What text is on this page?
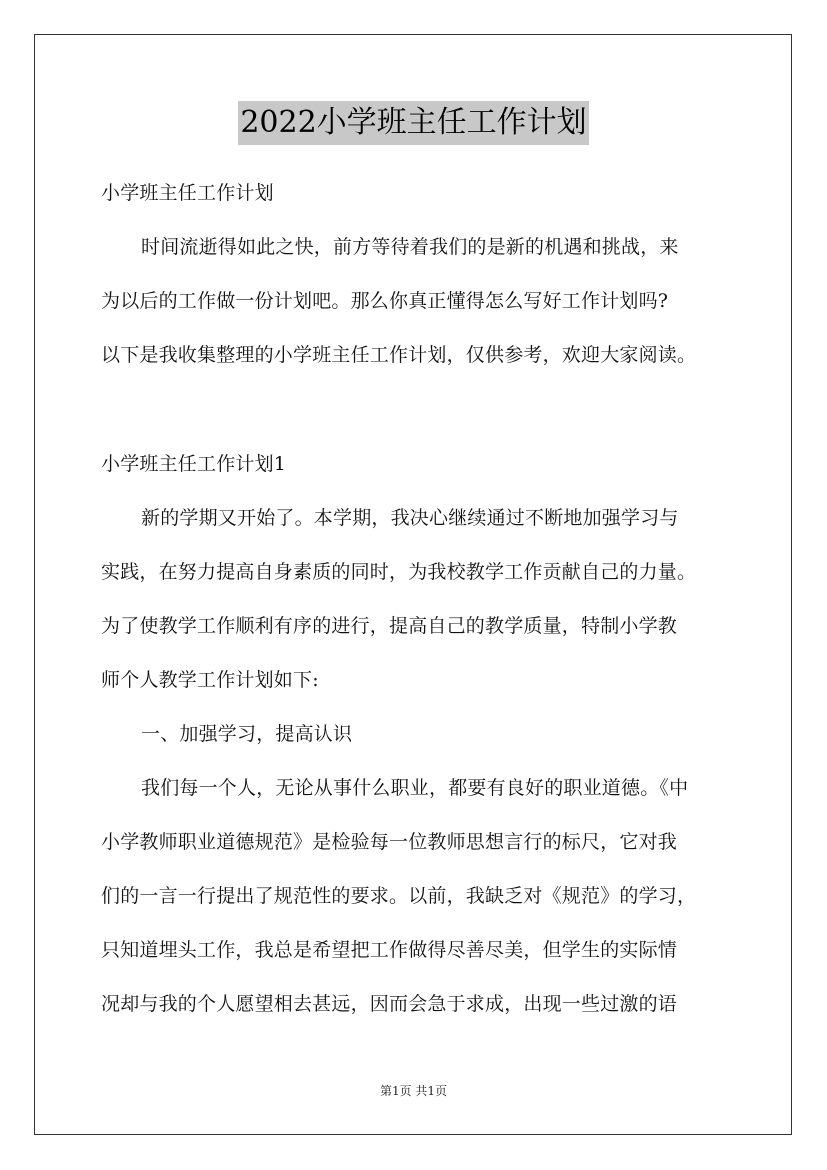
2022小学班主任工作计划
小学班主任工作计划
时间流逝得如此之快，前方等待着我们的是新的机遇和挑战，来
为以后的工作做一份计划吧。那么你真正懂得怎么写好工作计划吗?
以下是我收集整理的小学班主任工作计划，仅供参考，欢迎大家阅读。
小学班主任工作计划1
新的学期又开始了。本学期，我决心继续通过不断地加强学习与
实践，在努力提高自身素质的同时，为我校教学工作贡献自己的力量。
为了使教学工作顺利有序的进行，提高自己的教学质量，特制小学教
师个人教学工作计划如下:
一、加强学习，提高认识
我们每一个人，无论从事什么职业，都要有良好的职业道德。《中
小学教师职业道德规范》是检验每一位教师思想言行的标尺，它对我
们的一言一行提出了规范性的要求。以前，我缺乏对《规范》的学习，
只知道埋头工作，我总是希望把工作做得尽善尽美，但学生的实际情
况却与我的个人愿望相去甚远，因而会急于求成，出现一些过激的语
第1页 共1页
